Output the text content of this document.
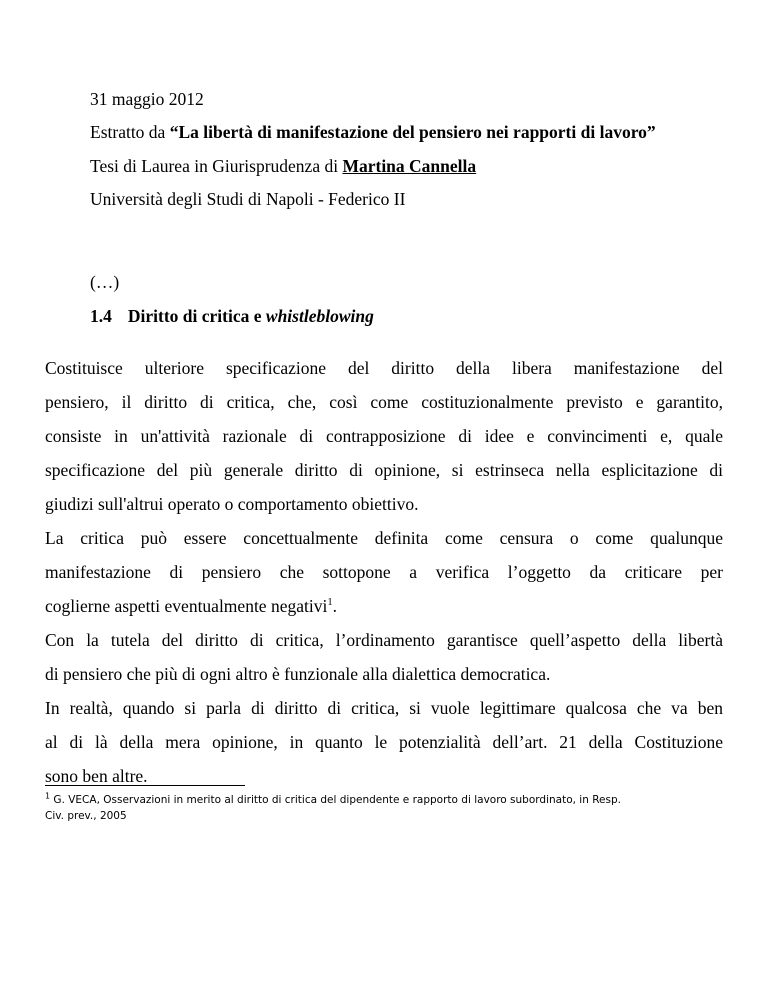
31 maggio 2012
Estratto da “La libertà di manifestazione del pensiero nei rapporti di lavoro”
Tesi di Laurea in Giurisprudenza di Martina Cannella
Università degli Studi di Napoli - Federico II
(…)
1.4 Diritto di critica e whistleblowing
Costituisce ulteriore specificazione del diritto della libera manifestazione del
pensiero, il diritto di critica, che, così come costituzionalmente previsto e garantito,
consiste in un'attività razionale di contrapposizione di idee e convincimenti e, quale
specificazione del più generale diritto di opinione, si estrinseca nella esplicitazione di
giudizi sull'altrui operato o comportamento obiettivo.
La critica può essere concettualmente definita come censura o come qualunque
manifestazione di pensiero che sottopone a verifica l’oggetto da criticare per
coglierne aspetti eventualmente negativi$^1$.
Con la tutela del diritto di critica, l’ordinamento garantisce quell’aspetto della libertà
di pensiero che più di ogni altro è funzionale alla dialettica democratica.
In realtà, quando si parla di diritto di critica, si vuole legittimare qualcosa che va ben
al di là della mera opinione, in quanto le potenzialità dell’art. 21 della Costituzione
sono ben altre.
$^1$ G. VECA, Osservazioni in merito al diritto di critica del dipendente e rapporto di lavoro subordinato, in Resp.
Civ. prev., 2005
